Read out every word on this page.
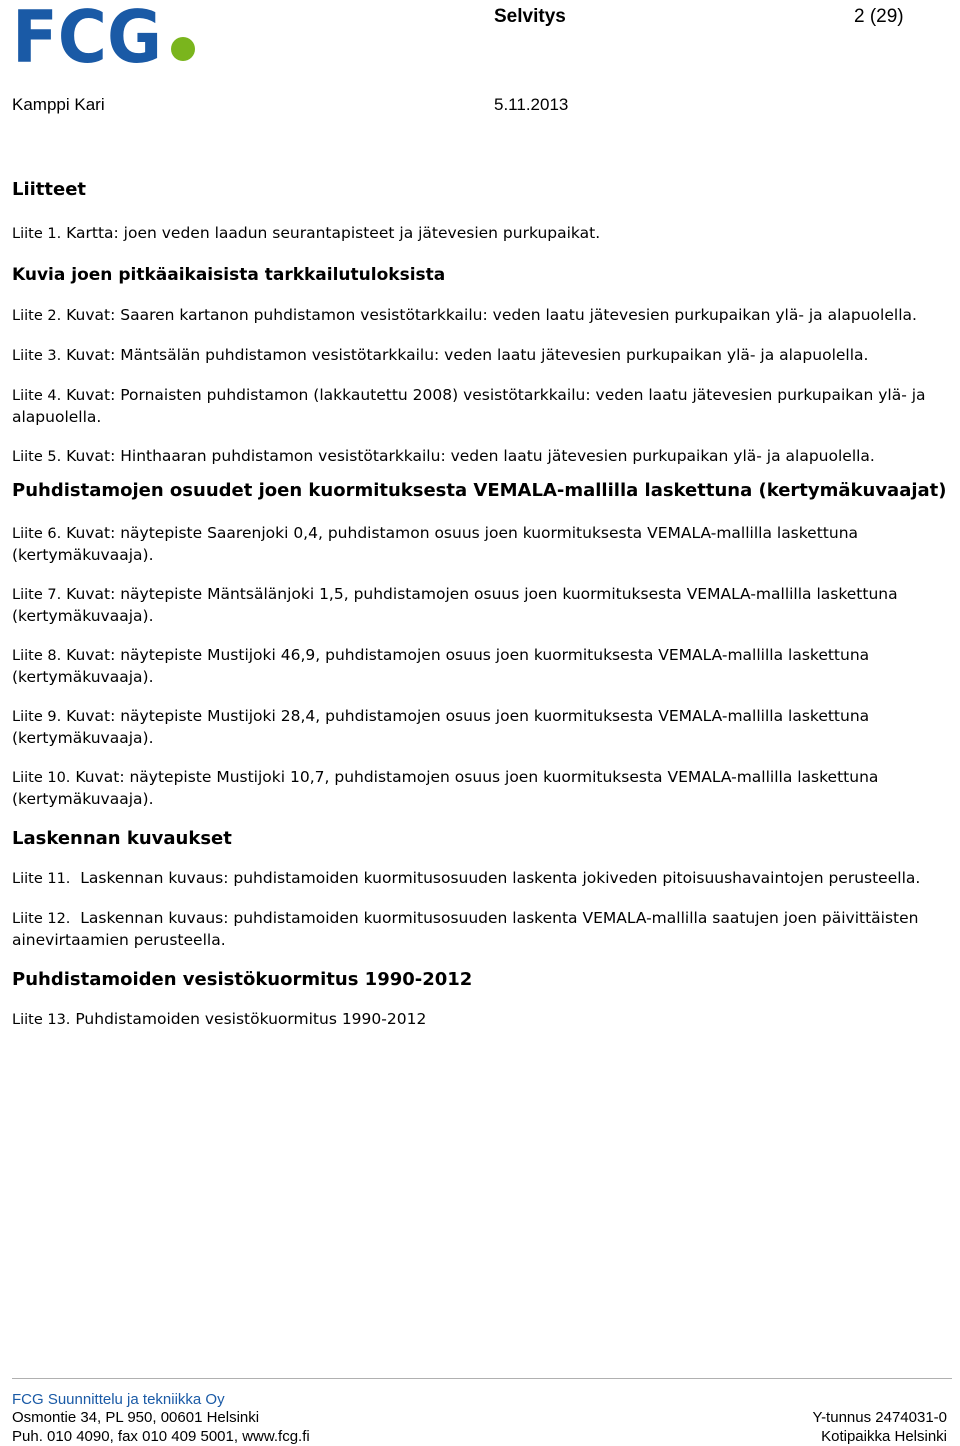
FCG	Selvitys	2 (29)
Kamppi Kari	5.11.2013
Liitteet

Liite 1. Kartta: joen veden laadun seurantapisteet ja jätevesien purkupaikat.

Kuvia joen pitkäaikaisista tarkkailutuloksista

Liite 2. Kuvat: Saaren kartanon puhdistamon vesistötarkkailu: veden laatu jätevesien purkupaikan ylä- ja alapuolella.

Liite 3. Kuvat: Mäntsälän puhdistamon vesistötarkkailu: veden laatu jätevesien purkupaikan ylä- ja alapuolella.

Liite 4. Kuvat: Pornaisten puhdistamon (lakkautettu 2008) vesistötarkkailu: veden laatu jätevesien purkupaikan ylä- ja alapuolella.

Liite 5. Kuvat: Hinthaaran puhdistamon vesistötarkkailu: veden laatu jätevesien purkupaikan ylä- ja alapuolella.

Puhdistamojen osuudet joen kuormituksesta VEMALA-mallilla laskettuna (kertymäkuvaajat)

Liite 6. Kuvat: näytepiste Saarenjoki 0,4, puhdistamon osuus joen kuormituksesta VEMALA-mallilla laskettuna (kertymäkuvaaja).

Liite 7. Kuvat: näytepiste Mäntsälänjoki 1,5, puhdistamojen osuus joen kuormituksesta VEMALA-mallilla laskettuna (kertymäkuvaaja).

Liite 8. Kuvat: näytepiste Mustijoki 46,9, puhdistamojen osuus joen kuormituksesta VEMALA-mallilla laskettuna (kertymäkuvaaja).

Liite 9. Kuvat: näytepiste Mustijoki 28,4, puhdistamojen osuus joen kuormituksesta VEMALA-mallilla laskettuna (kertymäkuvaaja).

Liite 10. Kuvat: näytepiste Mustijoki 10,7, puhdistamojen osuus joen kuormituksesta VEMALA-mallilla laskettuna (kertymäkuvaaja).

Laskennan kuvaukset

Liite 11.  Laskennan kuvaus: puhdistamoiden kuormitusosuuden laskenta jokiveden pitoisuushavaintojen perusteella.

Liite 12.  Laskennan kuvaus: puhdistamoiden kuormitusosuuden laskenta VEMALA-mallilla saatujen joen päivittäisten ainevirtaamien perusteella.

Puhdistamoiden vesistökuormitus 1990-2012

Liite 13. Puhdistamoiden vesistökuormitus 1990-2012

FCG Suunnittelu ja tekniikka Oy
Osmontie 34, PL 950, 00601 Helsinki
Puh. 010 4090, fax 010 409 5001, www.fcg.fi
Y-tunnus 2474031-0
Kotipaikka Helsinki
